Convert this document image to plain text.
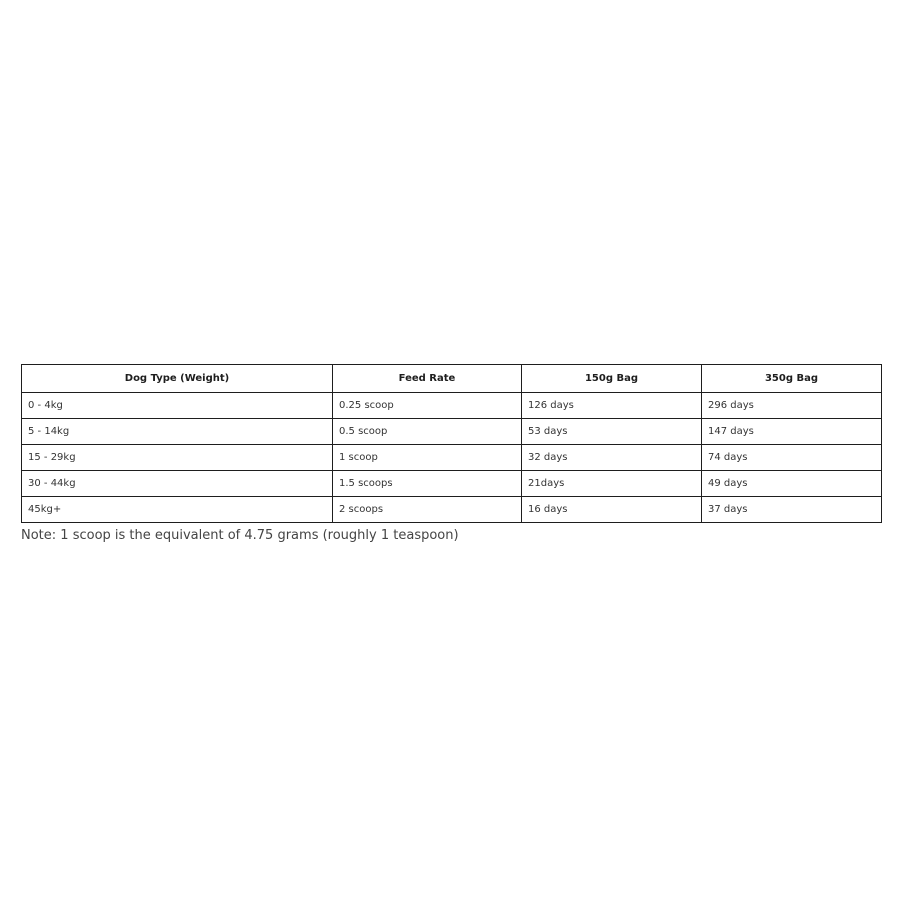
Dog Type (Weight)	Feed Rate	150g Bag	350g Bag
0 - 4kg	0.25 scoop	126 days	296 days
5 - 14kg	0.5 scoop	53 days	147 days
15 - 29kg	1 scoop	32 days	74 days
30 - 44kg	1.5 scoops	21days	49 days
45kg+	2 scoops	16 days	37 days
Note: 1 scoop is the equivalent of 4.75 grams (roughly 1 teaspoon)
